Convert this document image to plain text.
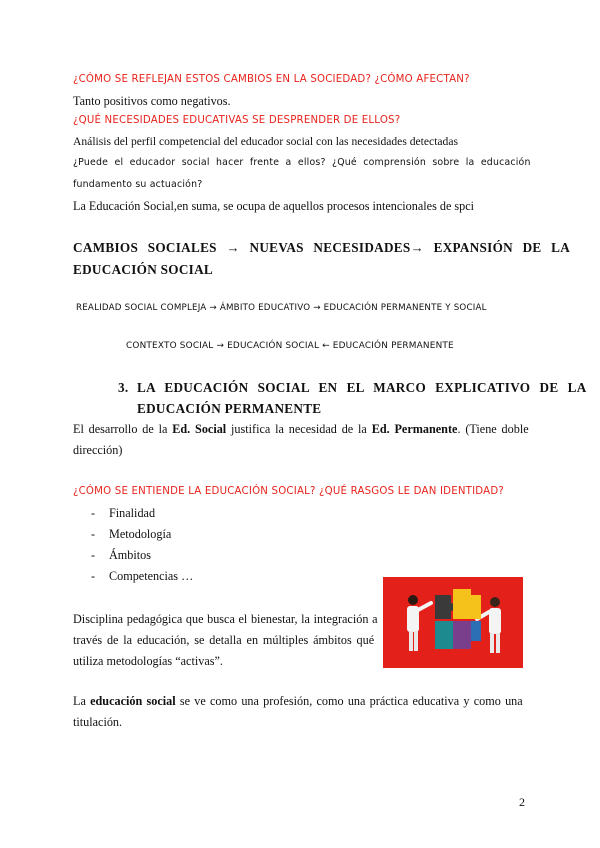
¿CÓMO SE REFLEJAN ESTOS CAMBIOS EN LA SOCIEDAD? ¿CÓMO AFECTAN?
Tanto positivos como negativos.
¿QUÉ NECESIDADES EDUCATIVAS SE DESPRENDER DE ELLOS?
Análisis del perfil competencial del educador social con las necesidades detectadas
¿Puede el educador social hacer frente a ellos? ¿Qué comprensión sobre la educación
fundamento su actuación?
La Educación Social,en suma, se ocupa de aquellos procesos intencionales de spci
CAMBIOS SOCIALES → NUEVAS NECESIDADES→ EXPANSIÓN DE LA
EDUCACIÓN SOCIAL
REALIDAD SOCIAL COMPLEJA → ÁMBITO EDUCATIVO → EDUCACIÓN PERMANENTE Y SOCIAL
CONTEXTO SOCIAL → EDUCACIÓN SOCIAL ← EDUCACIÓN PERMANENTE
3. LA EDUCACIÓN SOCIAL EN EL MARCO EXPLICATIVO DE LA
EDUCACIÓN PERMANENTE
El desarrollo de la Ed. Social justifica la necesidad de la Ed. Permanente. (Tiene doble
dirección)
¿CÓMO SE ENTIENDE LA EDUCACIÓN SOCIAL? ¿QUÉ RASGOS LE DAN IDENTIDAD?
- Finalidad
- Metodología
- Ámbitos
- Competencias …
Disciplina pedagógica que busca el bienestar, la integración a
través de la educación, se detalla en múltiples ámbitos qué
utiliza metodologías “activas”.
La educación social se ve como una profesión, como una práctica educativa y como una
titulación.
2
